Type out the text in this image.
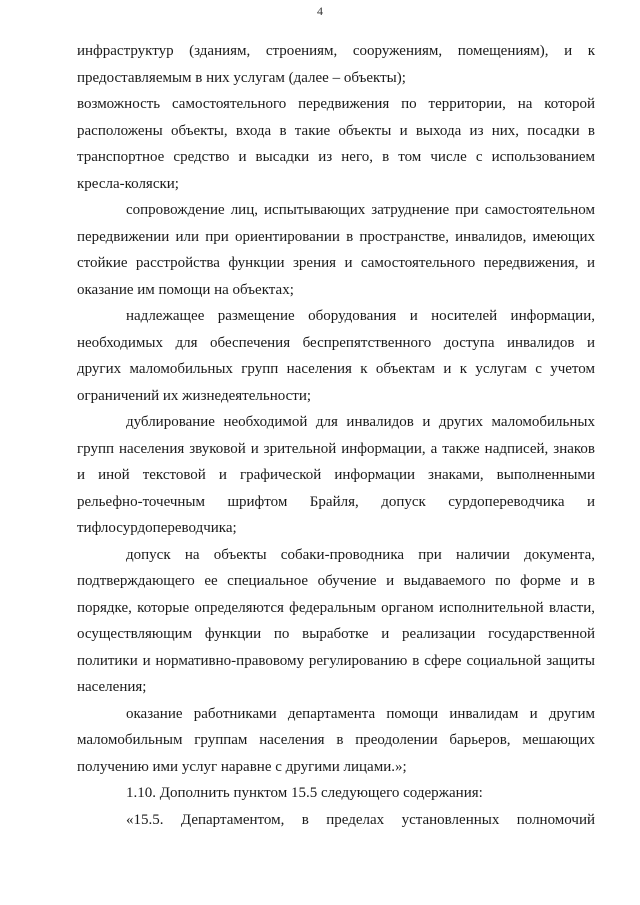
4
инфраструктур (зданиям, строениям, сооружениям, помещениям), и к
предоставляемым в них услугам (далее – объекты);
возможность самостоятельного передвижения по территории, на которой
расположены объекты, входа в такие объекты и выхода из них, посадки в
транспортное средство и высадки из него, в том числе с использованием
кресла-коляски;
сопровождение лиц, испытывающих затруднение при самостоятельном
передвижении или при ориентировании в пространстве, инвалидов, имеющих
стойкие расстройства функции зрения и самостоятельного передвижения, и
оказание им помощи на объектах;
надлежащее размещение оборудования и носителей информации,
необходимых для обеспечения беспрепятственного доступа инвалидов и
других маломобильных групп населения к объектам и к услугам с учетом
ограничений их жизнедеятельности;
дублирование необходимой для инвалидов и других маломобильных
групп населения звуковой и зрительной информации, а также надписей, знаков
и иной текстовой и графической информации знаками, выполненными
рельефно-точечным шрифтом Брайля, допуск сурдопереводчика и
тифлосурдопереводчика;
допуск на объекты собаки-проводника при наличии документа,
подтверждающего ее специальное обучение и выдаваемого по форме и в
порядке, которые определяются федеральным органом исполнительной власти,
осуществляющим функции по выработке и реализации государственной
политики и нормативно-правовому регулированию в сфере социальной защиты
населения;
оказание работниками департамента помощи инвалидам и другим
маломобильным группам населения в преодолении барьеров, мешающих
получению ими услуг наравне с другими лицами.»;
1.10. Дополнить пунктом 15.5 следующего содержания:
«15.5. Департаментом, в пределах установленных полномочий
